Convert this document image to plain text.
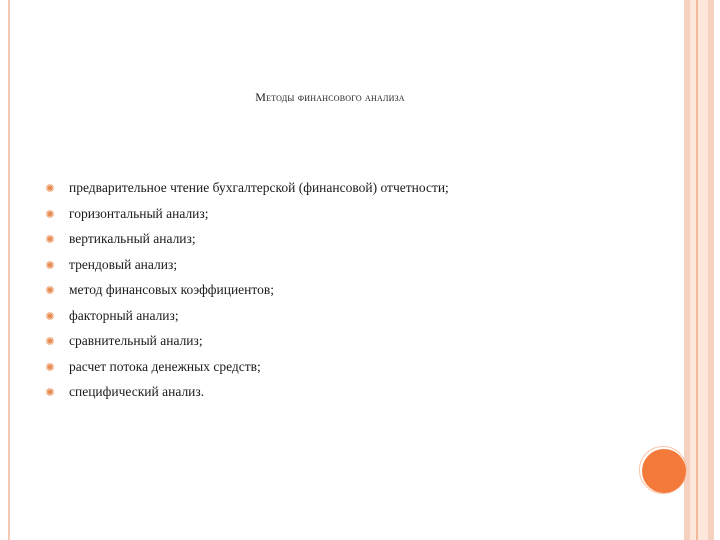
Методы финансового анализа
✺ предварительное чтение бухгалтерской (финансовой) отчетности;
✺ горизонтальный анализ;
✺ вертикальный анализ;
✺ трендовый анализ;
✺ метод финансовых коэффициентов;
✺ факторный анализ;
✺ сравнительный анализ;
✺ расчет потока денежных средств;
✺ специфический анализ.
